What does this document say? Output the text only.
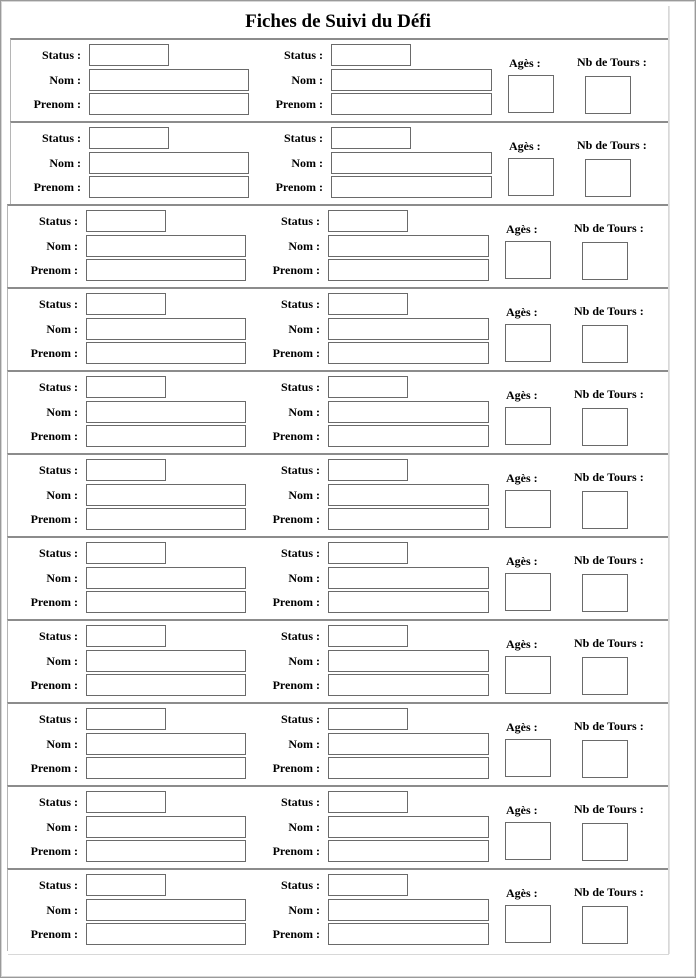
Fiches de Suivi du Défi
Status :
Nom :
Prenom :
Status :
Nom :
Prenom :
Agès :	Nb de Tours :
Status :
Nom :
Prenom :
Status :
Nom :
Prenom :
Agès :	Nb de Tours :
Status :
Nom :
Prenom :
Status :
Nom :
Prenom :
Agès :	Nb de Tours :
Status :
Nom :
Prenom :
Status :
Nom :
Prenom :
Agès :	Nb de Tours :
Status :
Nom :
Prenom :
Status :
Nom :
Prenom :
Agès :	Nb de Tours :
Status :
Nom :
Prenom :
Status :
Nom :
Prenom :
Agès :	Nb de Tours :
Status :
Nom :
Prenom :
Status :
Nom :
Prenom :
Agès :	Nb de Tours :
Status :
Nom :
Prenom :
Status :
Nom :
Prenom :
Agès :	Nb de Tours :
Status :
Nom :
Prenom :
Status :
Nom :
Prenom :
Agès :	Nb de Tours :
Status :
Nom :
Prenom :
Status :
Nom :
Prenom :
Agès :	Nb de Tours :
Status :
Nom :
Prenom :
Status :
Nom :
Prenom :
Agès :	Nb de Tours :
